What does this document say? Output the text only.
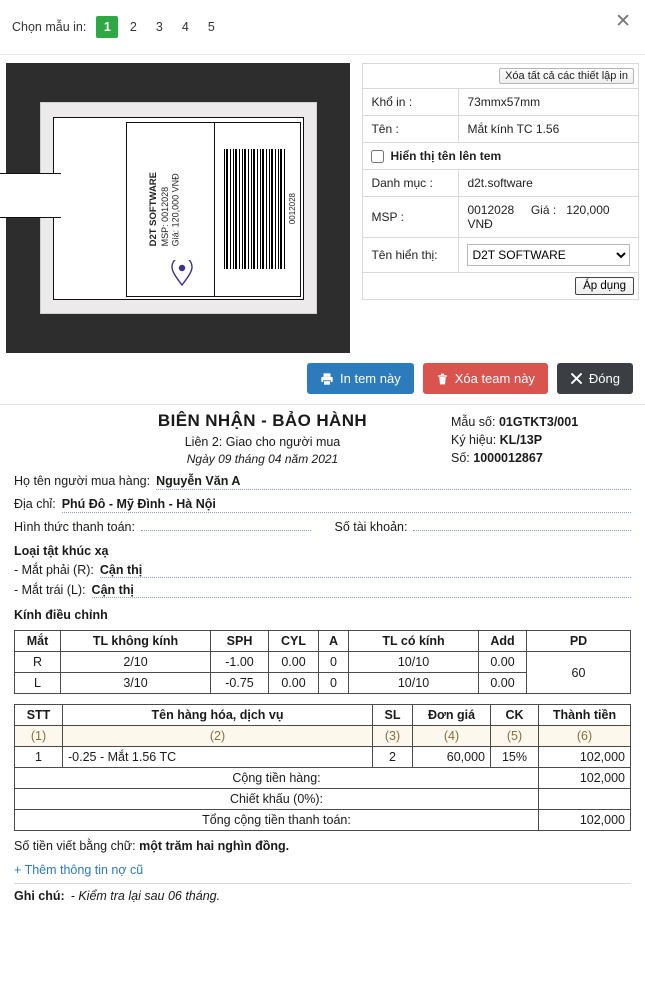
Chọn mẫu in:	1	2	3	4	5	✕
D2T SOFTWARE
MSP: 0012028
Giá: 120,000 VNĐ	0012028
Xóa tất cả các thiết lập in
Khổ in :	73mmx57mm
Tên :	Mắt kính TC 1.56

Hiển thị tên lên tem	

Danh mục :	d2t.software
MSP :	0012028 Giá : 120,000 VNĐ
Tên hiển thị:	
D2T SOFTWARE
Áp dụng
In tem này	Xóa team này	Đóng
BIÊN NHẬN - BẢO HÀNH
Liên 2: Giao cho người mua
Ngày 09 tháng 04 năm 2021
Mẫu số: 01GTKT3/001
Ký hiệu: KL/13P
Số: 1000012867
Họ tên người mua hàng: Nguyễn Văn A
Địa chỉ: Phú Đô - Mỹ Đình - Hà Nội
Hình thức thanh toán:	Số tài khoản:
Loại tật khúc xạ
- Mắt phải (R): Cận thị
- Mắt trái (L): Cận thị
Kính điều chỉnh
Mắt	TL không kính	SPH	CYL	A	TL có kính	Add	PD
R	2/10	-1.00	0.00	0	10/10	0.00	60
L	3/10	-0.75	0.00	0	10/10	0.00	
STT	Tên hàng hóa, dịch vụ	SL	Đơn giá	CK	Thành tiền
(1)	(2)	(3)	(4)	(5)	(6)
1	-0.25 - Mắt 1.56 TC	2	60,000	15%	102,000
Cộng tiền hàng:					102,000
Chiết khấu (0%):					
Tổng cộng tiền thanh toán:					102,000
Số tiền viết bằng chữ: một trăm hai nghìn đồng.
+ Thêm thông tin nợ cũ
Ghi chú: - Kiểm tra lại sau 06 tháng.
